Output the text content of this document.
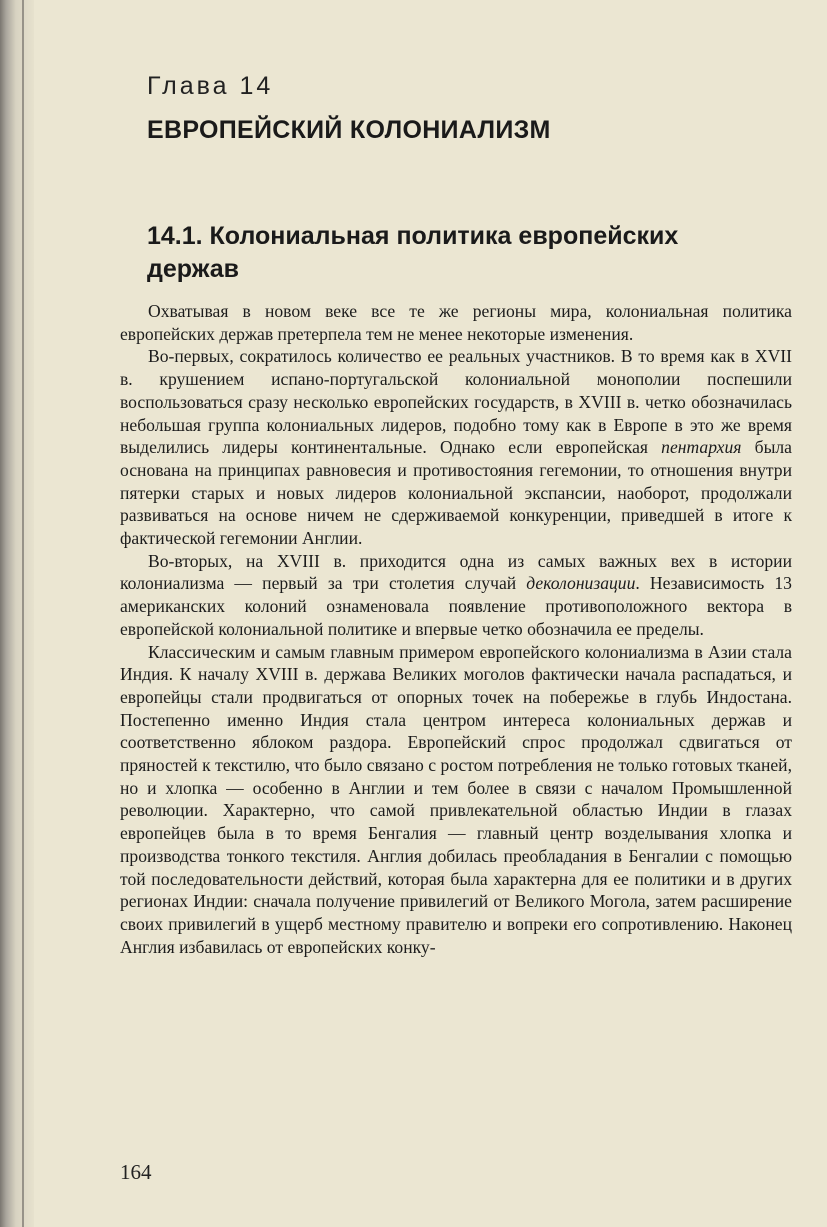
Глава 14
ЕВРОПЕЙСКИЙ КОЛОНИАЛИЗМ
14.1. Колониальная политика европейских держав

Охватывая в новом веке все те же регионы мира, колониальная политика европейских держав претерпела тем не менее некоторые изменения.

Во-первых, сократилось количество ее реальных участников. В то время как в XVII в. крушением испано-португальской колониальной монополии поспешили воспользоваться сразу несколько европейских государств, в XVIII в. четко обозначилась небольшая группа колониальных лидеров, подобно тому как в Европе в это же время выделились лидеры континентальные. Однако если европейская пентархия была основана на принципах равновесия и противостояния гегемонии, то отношения внутри пятерки старых и новых лидеров колониальной экспансии, наоборот, продолжали развиваться на основе ничем не сдерживаемой конкуренции, приведшей в итоге к фактической гегемонии Англии.

Во-вторых, на XVIII в. приходится одна из самых важных вех в истории колониализма — первый за три столетия случай деколонизации. Независимость 13 американских колоний ознаменовала появление противоположного вектора в европейской колониальной политике и впервые четко обозначила ее пределы.

Классическим и самым главным примером европейского колониализма в Азии стала Индия. К началу XVIII в. держава Великих моголов фактически начала распадаться, и европейцы стали продвигаться от опорных точек на побережье в глубь Индостана. Постепенно именно Индия стала центром интереса колониальных держав и соответственно яблоком раздора. Европейский спрос продолжал сдвигаться от пряностей к текстилю, что было связано с ростом потребления не только готовых тканей, но и хлопка — особенно в Англии и тем более в связи с началом Промышленной революции. Характерно, что самой привлекательной областью Индии в глазах европейцев была в то время Бенгалия — главный центр возделывания хлопка и производства тонкого текстиля. Англия добилась преобладания в Бенгалии с помощью той последовательности действий, которая была характерна для ее политики и в других регионах Индии: сначала получение привилегий от Великого Могола, затем расширение своих привилегий в ущерб местному правителю и вопреки его сопротивлению. Наконец Англия избавилась от европейских конку-

164
